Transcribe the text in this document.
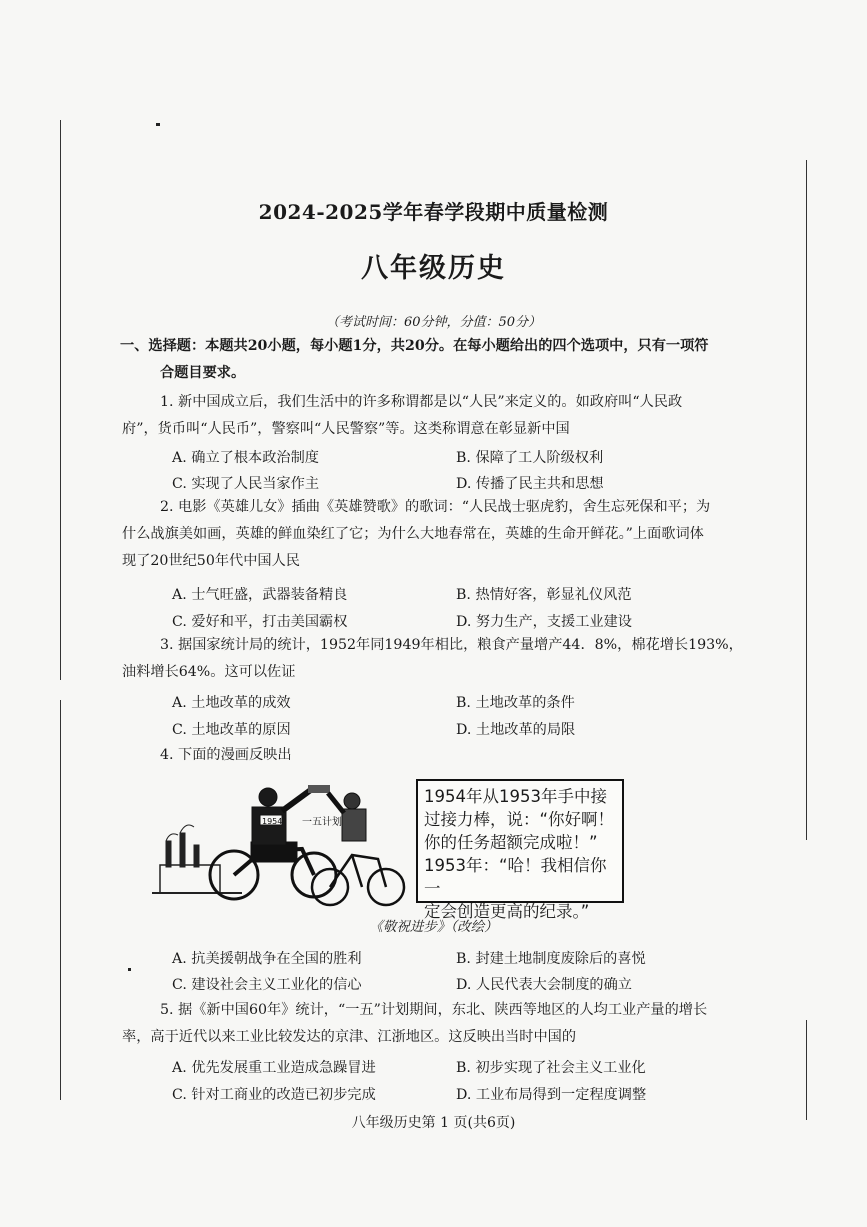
2024-2025学年春学段期中质量检测
八年级历史
（考试时间：60分钟，分值：50分）
一、选择题：本题共20小题，每小题1分，共20分。在每小题给出的四个选项中，只有一项符
合题目要求。
1. 新中国成立后，我们生活中的许多称谓都是以“人民”来定义的。如政府叫“人民政
府”，货币叫“人民币”，警察叫“人民警察”等。这类称谓意在彰显新中国
A. 确立了根本政治制度	B. 保障了工人阶级权利
C. 实现了人民当家作主	D. 传播了民主共和思想
2. 电影《英雄儿女》插曲《英雄赞歌》的歌词：“人民战士驱虎豹，舍生忘死保和平；为
什么战旗美如画，英雄的鲜血染红了它；为什么大地春常在，英雄的生命开鲜花。”上面歌词体
现了20世纪50年代中国人民
A. 士气旺盛，武器装备精良	B. 热情好客，彰显礼仪风范
C. 爱好和平，打击美国霸权	D. 努力生产，支援工业建设
3. 据国家统计局的统计，1952年同1949年相比，粮食产量增产44．8%，棉花增长193%，
油料增长64%。这可以佐证
A. 土地改革的成效	B. 土地改革的条件
C. 土地改革的原因	D. 土地改革的局限
4. 下面的漫画反映出
1954 一五计划
1954年从1953年手中接
过接力棒，说：“你好啊！
你的任务超额完成啦！”
1953年：“哈！我相信你一
定会创造更高的纪录。”
《敬祝进步》（改绘）
A. 抗美援朝战争在全国的胜利	B. 封建土地制度废除后的喜悦
C. 建设社会主义工业化的信心	D. 人民代表大会制度的确立
5. 据《新中国60年》统计，“一五”计划期间，东北、陕西等地区的人均工业产量的增长
率，高于近代以来工业比较发达的京津、江浙地区。这反映出当时中国的
A. 优先发展重工业造成急躁冒进	B. 初步实现了社会主义工业化
C. 针对工商业的改造已初步完成	D. 工业布局得到一定程度调整
八年级历史第 1 页(共6页)
